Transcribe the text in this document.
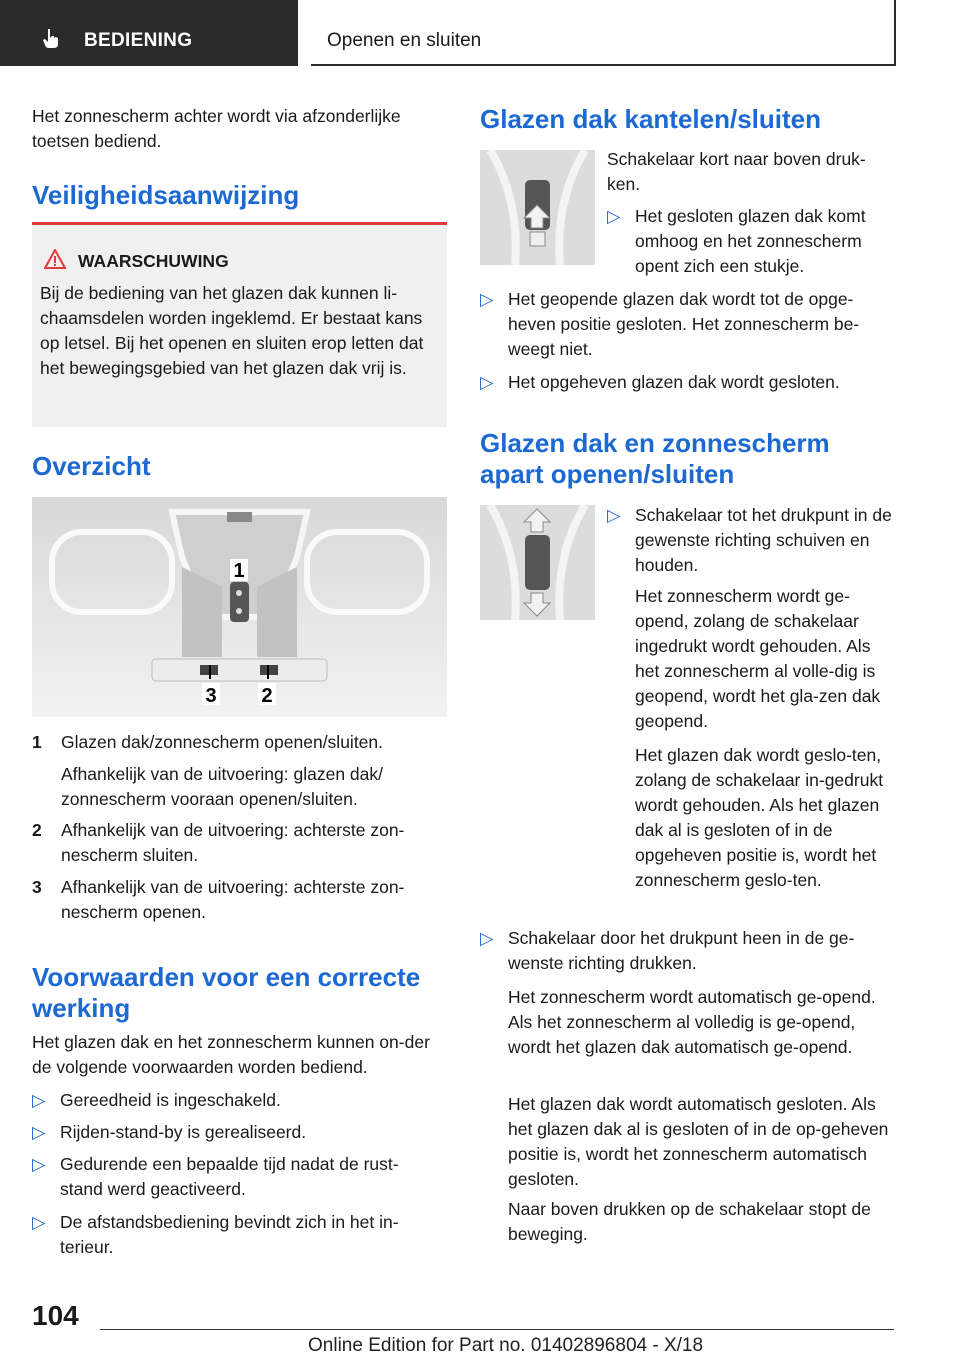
BEDIENING	Openen en sluiten

Het zonnescherm achter wordt via afzonderlijke toetsen bediend.

Veiligheidsaanwijzing
WAARSCHUWING
Bij de bediening van het glazen dak kunnen li-chaamsdelen worden ingeklemd. Er bestaat kans op letsel. Bij het openen en sluiten erop letten dat het bewegingsgebied van het glazen dak vrij is.
Overzicht
1
3 2
1 Glazen dak/zonnescherm openen/sluiten.
Afhankelijk van de uitvoering: glazen dak/ zonnescherm vooraan openen/sluiten.
2 Afhankelijk van de uitvoering: achterste zon-nescherm sluiten.
3 Afhankelijk van de uitvoering: achterste zon-nescherm openen.
Voorwaarden voor een correcte werking

Het glazen dak en het zonnescherm kunnen on-der de volgende voorwaarden worden bediend.

▷ Gereedheid is ingeschakeld.
▷ Rijden-stand-by is gerealiseerd.
▷ Gedurende een bepaalde tijd nadat de rust-stand werd geactiveerd.
▷ De afstandsbediening bevindt zich in het in-terieur.
Glazen dak kantelen/sluiten

Schakelaar kort naar boven druk-ken.

▷ Het gesloten glazen dak komt omhoog en het zonnescherm opent zich een stukje.
▷ Het geopende glazen dak wordt tot de opge-heven positie gesloten. Het zonnescherm be-weegt niet.
▷ Het opgeheven glazen dak wordt gesloten.
Glazen dak en zonnescherm apart openen/sluiten
▷ Schakelaar tot het drukpunt in de gewenste richting schuiven en houden.

Het zonnescherm wordt ge-opend, zolang de schakelaar ingedrukt wordt gehouden. Als het zonnescherm al volle-dig is geopend, wordt het gla-zen dak geopend.

Het glazen dak wordt geslo-ten, zolang de schakelaar in-gedrukt wordt gehouden. Als het glazen dak al is gesloten of in de opgeheven positie is, wordt het zonnescherm geslo-ten.

▷ Schakelaar door het drukpunt heen in de ge-wenste richting drukken.

Het zonnescherm wordt automatisch ge-opend. Als het zonnescherm al volledig is ge-opend, wordt het glazen dak automatisch ge-opend.

Het glazen dak wordt automatisch gesloten. Als het glazen dak al is gesloten of in de op-geheven positie is, wordt het zonnescherm automatisch gesloten.

Naar boven drukken op de schakelaar stopt de beweging.

104
Online Edition for Part no. 01402896804 - X/18
